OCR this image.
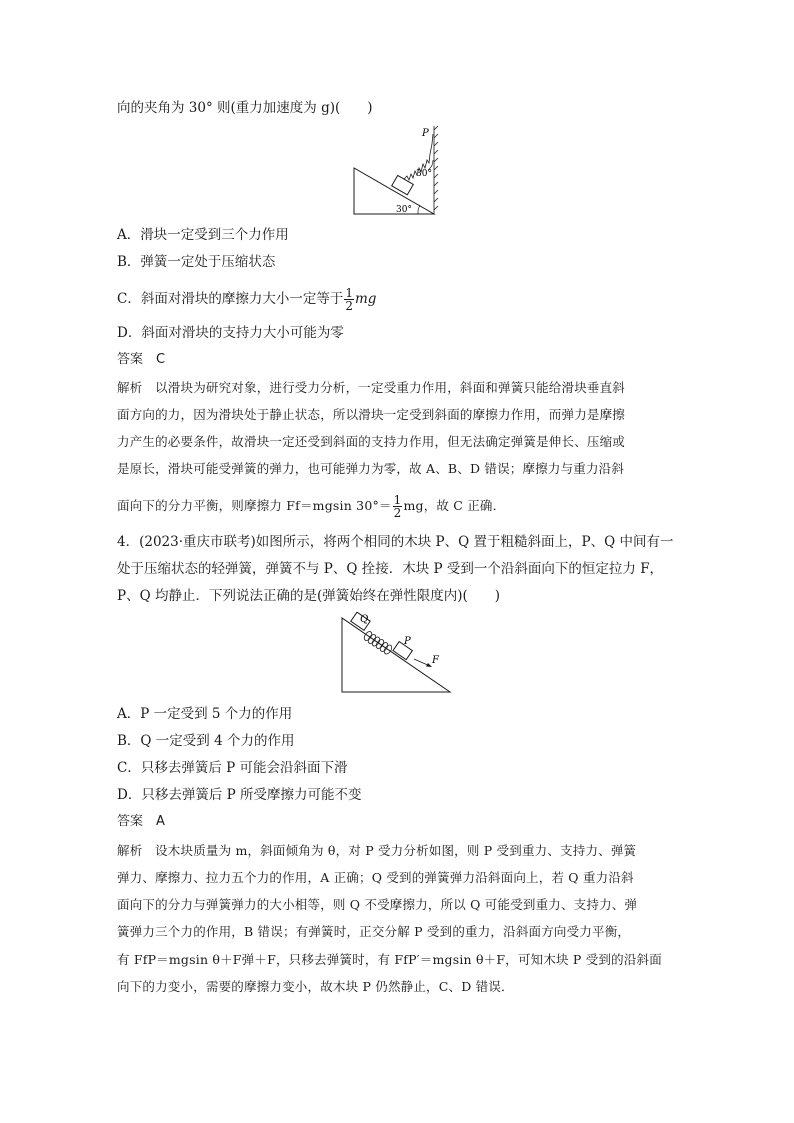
向的夹角为 30° 则(重力加速度为 g)(　　)
P
30°
30°
A．滑块一定受到三个力作用
B．弹簧一定处于压缩状态
C．斜面对滑块的摩擦力大小一定等于 $\frac{1}{2}$ mg
D．斜面对滑块的支持力大小可能为零
答案　C
解析　以滑块为研究对象，进行受力分析，一定受重力作用，斜面和弹簧只能给滑块垂直斜
面方向的力，因为滑块处于静止状态，所以滑块一定受到斜面的摩擦力作用，而弹力是摩擦
力产生的必要条件，故滑块一定还受到斜面的支持力作用，但无法确定弹簧是伸长、压缩或
是原长，滑块可能受弹簧的弹力，也可能弹力为零，故 A、B、D 错误；摩擦力与重力沿斜
面向下的分力平衡，则摩擦力 Ff＝mgsin $30^\circ= \frac{1}{2}$ mg，故 C 正确．
4．(2023·重庆市联考)如图所示，将两个相同的木块 P、Q 置于粗糙斜面上，P、Q 中间有一
处于压缩状态的轻弹簧，弹簧不与 P、Q 拴接．木块 P 受到一个沿斜面向下的恒定拉力 F，
P、Q 均静止．下列说法正确的是(弹簧始终在弹性限度内)(　　)
Q
P
F
A．P 一定受到 5 个力的作用
B．Q 一定受到 4 个力的作用
C．只移去弹簧后 P 可能会沿斜面下滑
D．只移去弹簧后 P 所受摩擦力可能不变
答案　A
解析　设木块质量为 m，斜面倾角为 θ，对 P 受力分析如图，则 P 受到重力、支持力、弹簧
弹力、摩擦力、拉力五个力的作用，A 正确；Q 受到的弹簧弹力沿斜面向上，若 Q 重力沿斜
面向下的分力与弹簧弹力的大小相等，则 Q 不受摩擦力，所以 Q 可能受到重力、支持力、弹
簧弹力三个力的作用，B 错误；有弹簧时，正交分解 P 受到的重力，沿斜面方向受力平衡，
有 FfP＝mgsin θ＋F弹＋F，只移去弹簧时，有 FfP′＝mgsin θ＋F，可知木块 P 受到的沿斜面
向下的力变小，需要的摩擦力变小，故木块 P 仍然静止，C、D 错误．
